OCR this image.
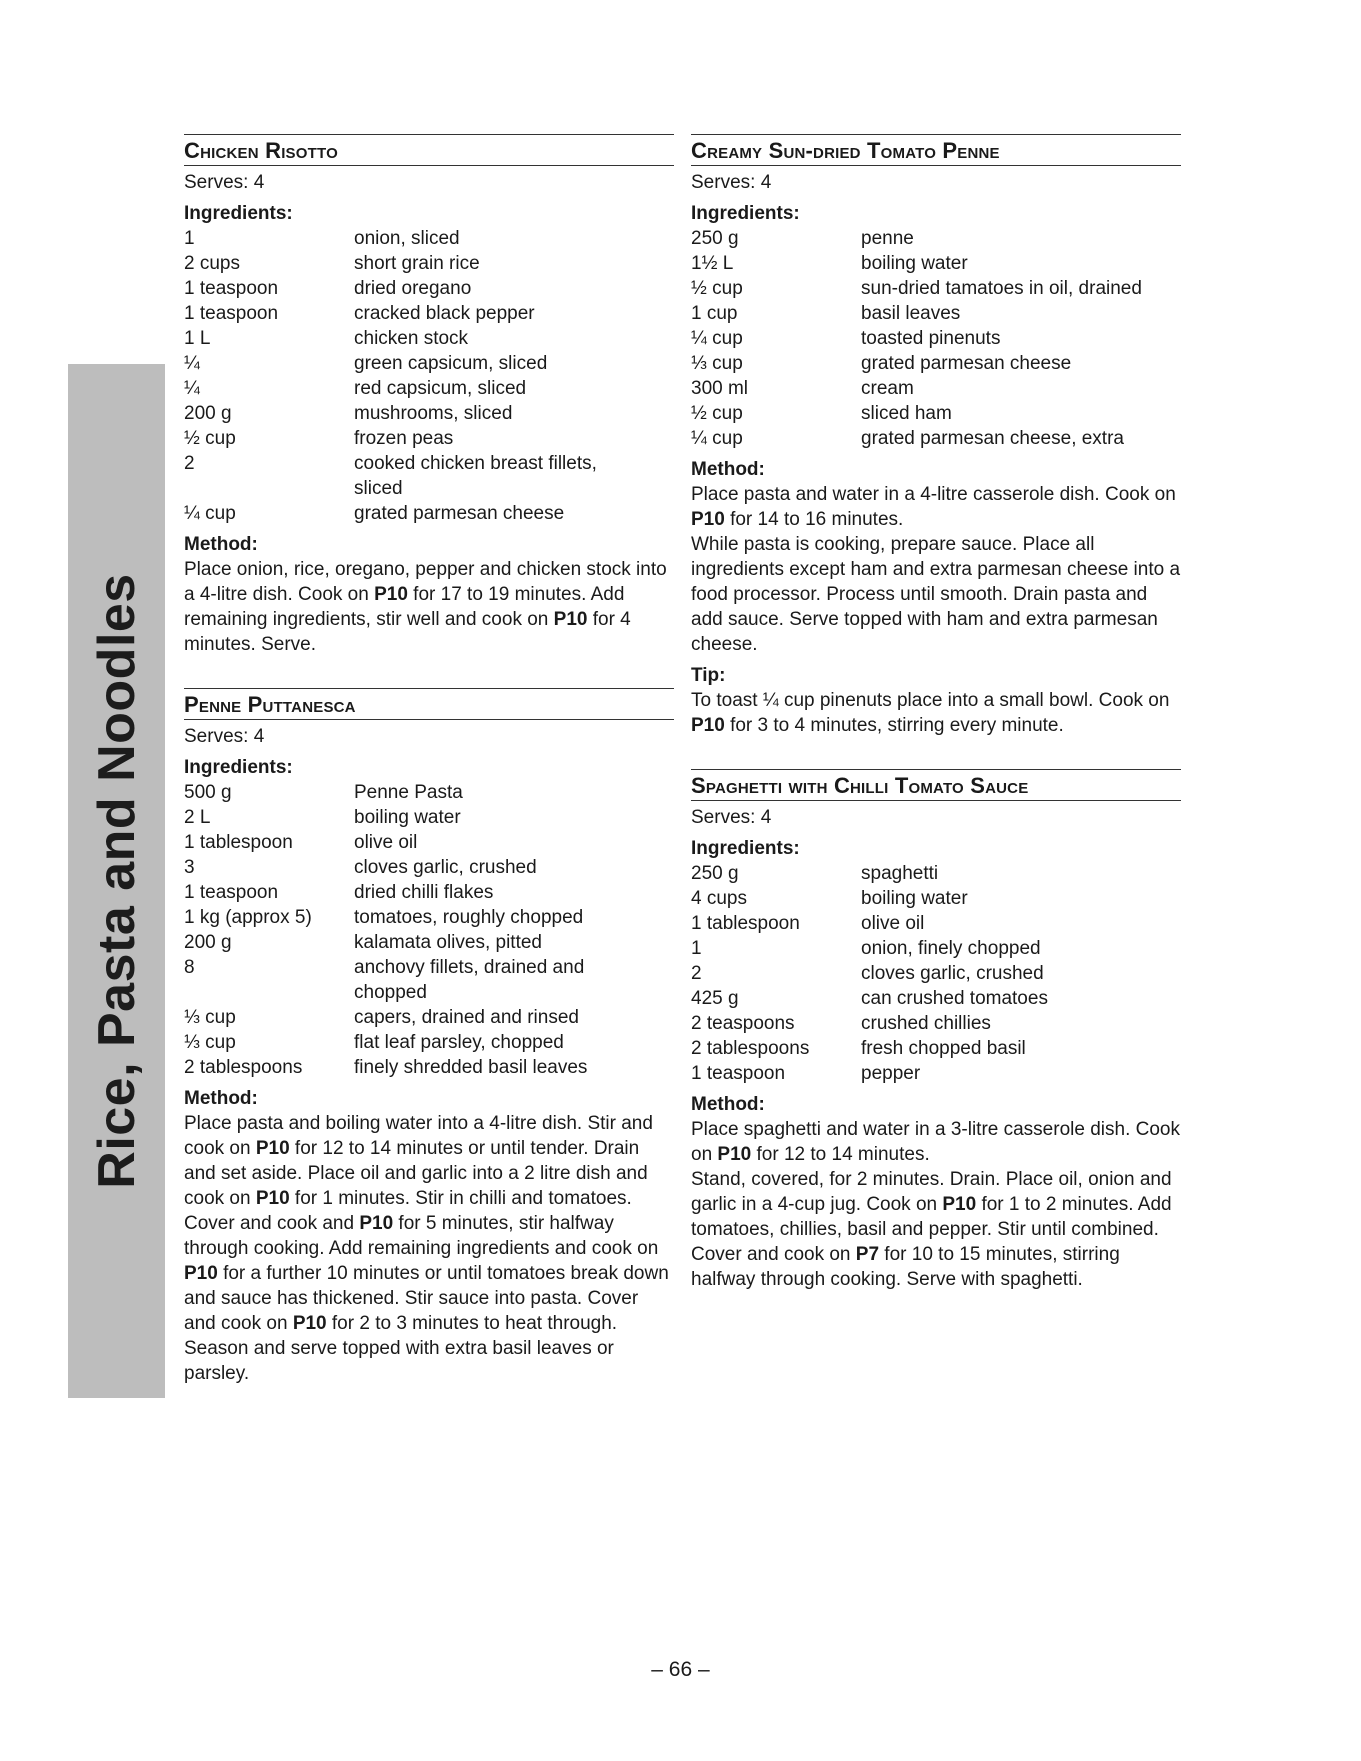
Rice, Pasta and Noodles
Chicken Risotto
Serves: 4
Ingredients:
1	onion, sliced
2 cups	short grain rice
1 teaspoon	dried oregano
1 teaspoon	cracked black pepper
1 L	chicken stock
¼	green capsicum, sliced
¼	red capsicum, sliced
200 g	mushrooms, sliced
½ cup	frozen peas
2	cooked chicken breast fillets,
sliced
¼ cup	grated parmesan cheese
Method:

Place onion, rice, oregano, pepper and chicken stock into a 4-litre dish. Cook on P10 for 17 to 19 minutes. Add remaining ingredients, stir well and cook on P10 for 4 minutes. Serve.

Penne Puttanesca
Serves: 4
Ingredients:
500 g	Penne Pasta
2 L	boiling water
1 tablespoon	olive oil
3	cloves garlic, crushed
1 teaspoon	dried chilli flakes
1 kg (approx 5)	tomatoes, roughly chopped
200 g	kalamata olives, pitted
8	anchovy fillets, drained and
chopped
⅓ cup	capers, drained and rinsed
⅓ cup	flat leaf parsley, chopped
2 tablespoons	finely shredded basil leaves
Method:

Place pasta and boiling water into a 4-litre dish. Stir and cook on P10 for 12 to 14 minutes or until tender. Drain and set aside. Place oil and garlic into a 2 litre dish and cook on P10 for 1 minutes. Stir in chilli and tomatoes. Cover and cook and P10 for 5 minutes, stir halfway through cooking. Add remaining ingredients and cook on P10 for a further 10 minutes or until tomatoes break down and sauce has thickened. Stir sauce into pasta. Cover and cook on P10 for 2 to 3 minutes to heat through. Season and serve topped with extra basil leaves or parsley.

Creamy Sun-dried Tomato Penne
Serves: 4
Ingredients:
250 g	penne
1½ L	boiling water
½ cup	sun-dried tamatoes in oil, drained
1 cup	basil leaves
¼ cup	toasted pinenuts
⅓ cup	grated parmesan cheese
300 ml	cream
½ cup	sliced ham
¼ cup	grated parmesan cheese, extra
Method:

Place pasta and water in a 4-litre casserole dish. Cook on P10 for 14 to 16 minutes.

While pasta is cooking, prepare sauce. Place all ingredients except ham and extra parmesan cheese into a food processor. Process until smooth. Drain pasta and add sauce. Serve topped with ham and extra parmesan cheese.

Tip:

To toast ¼ cup pinenuts place into a small bowl. Cook on P10 for 3 to 4 minutes, stirring every minute.

Spaghetti with Chilli Tomato Sauce
Serves: 4
Ingredients:
250 g	spaghetti
4 cups	boiling water
1 tablespoon	olive oil
1	onion, finely chopped
2	cloves garlic, crushed
425 g	can crushed tomatoes
2 teaspoons	crushed chillies
2 tablespoons	fresh chopped basil
1 teaspoon	pepper
Method:

Place spaghetti and water in a 3-litre casserole dish. Cook on P10 for 12 to 14 minutes.

Stand, covered, for 2 minutes. Drain. Place oil, onion and garlic in a 4-cup jug. Cook on P10 for 1 to 2 minutes. Add tomatoes, chillies, basil and pepper. Stir until combined. Cover and cook on P7 for 10 to 15 minutes, stirring halfway through cooking. Serve with spaghetti.

– 66 –
